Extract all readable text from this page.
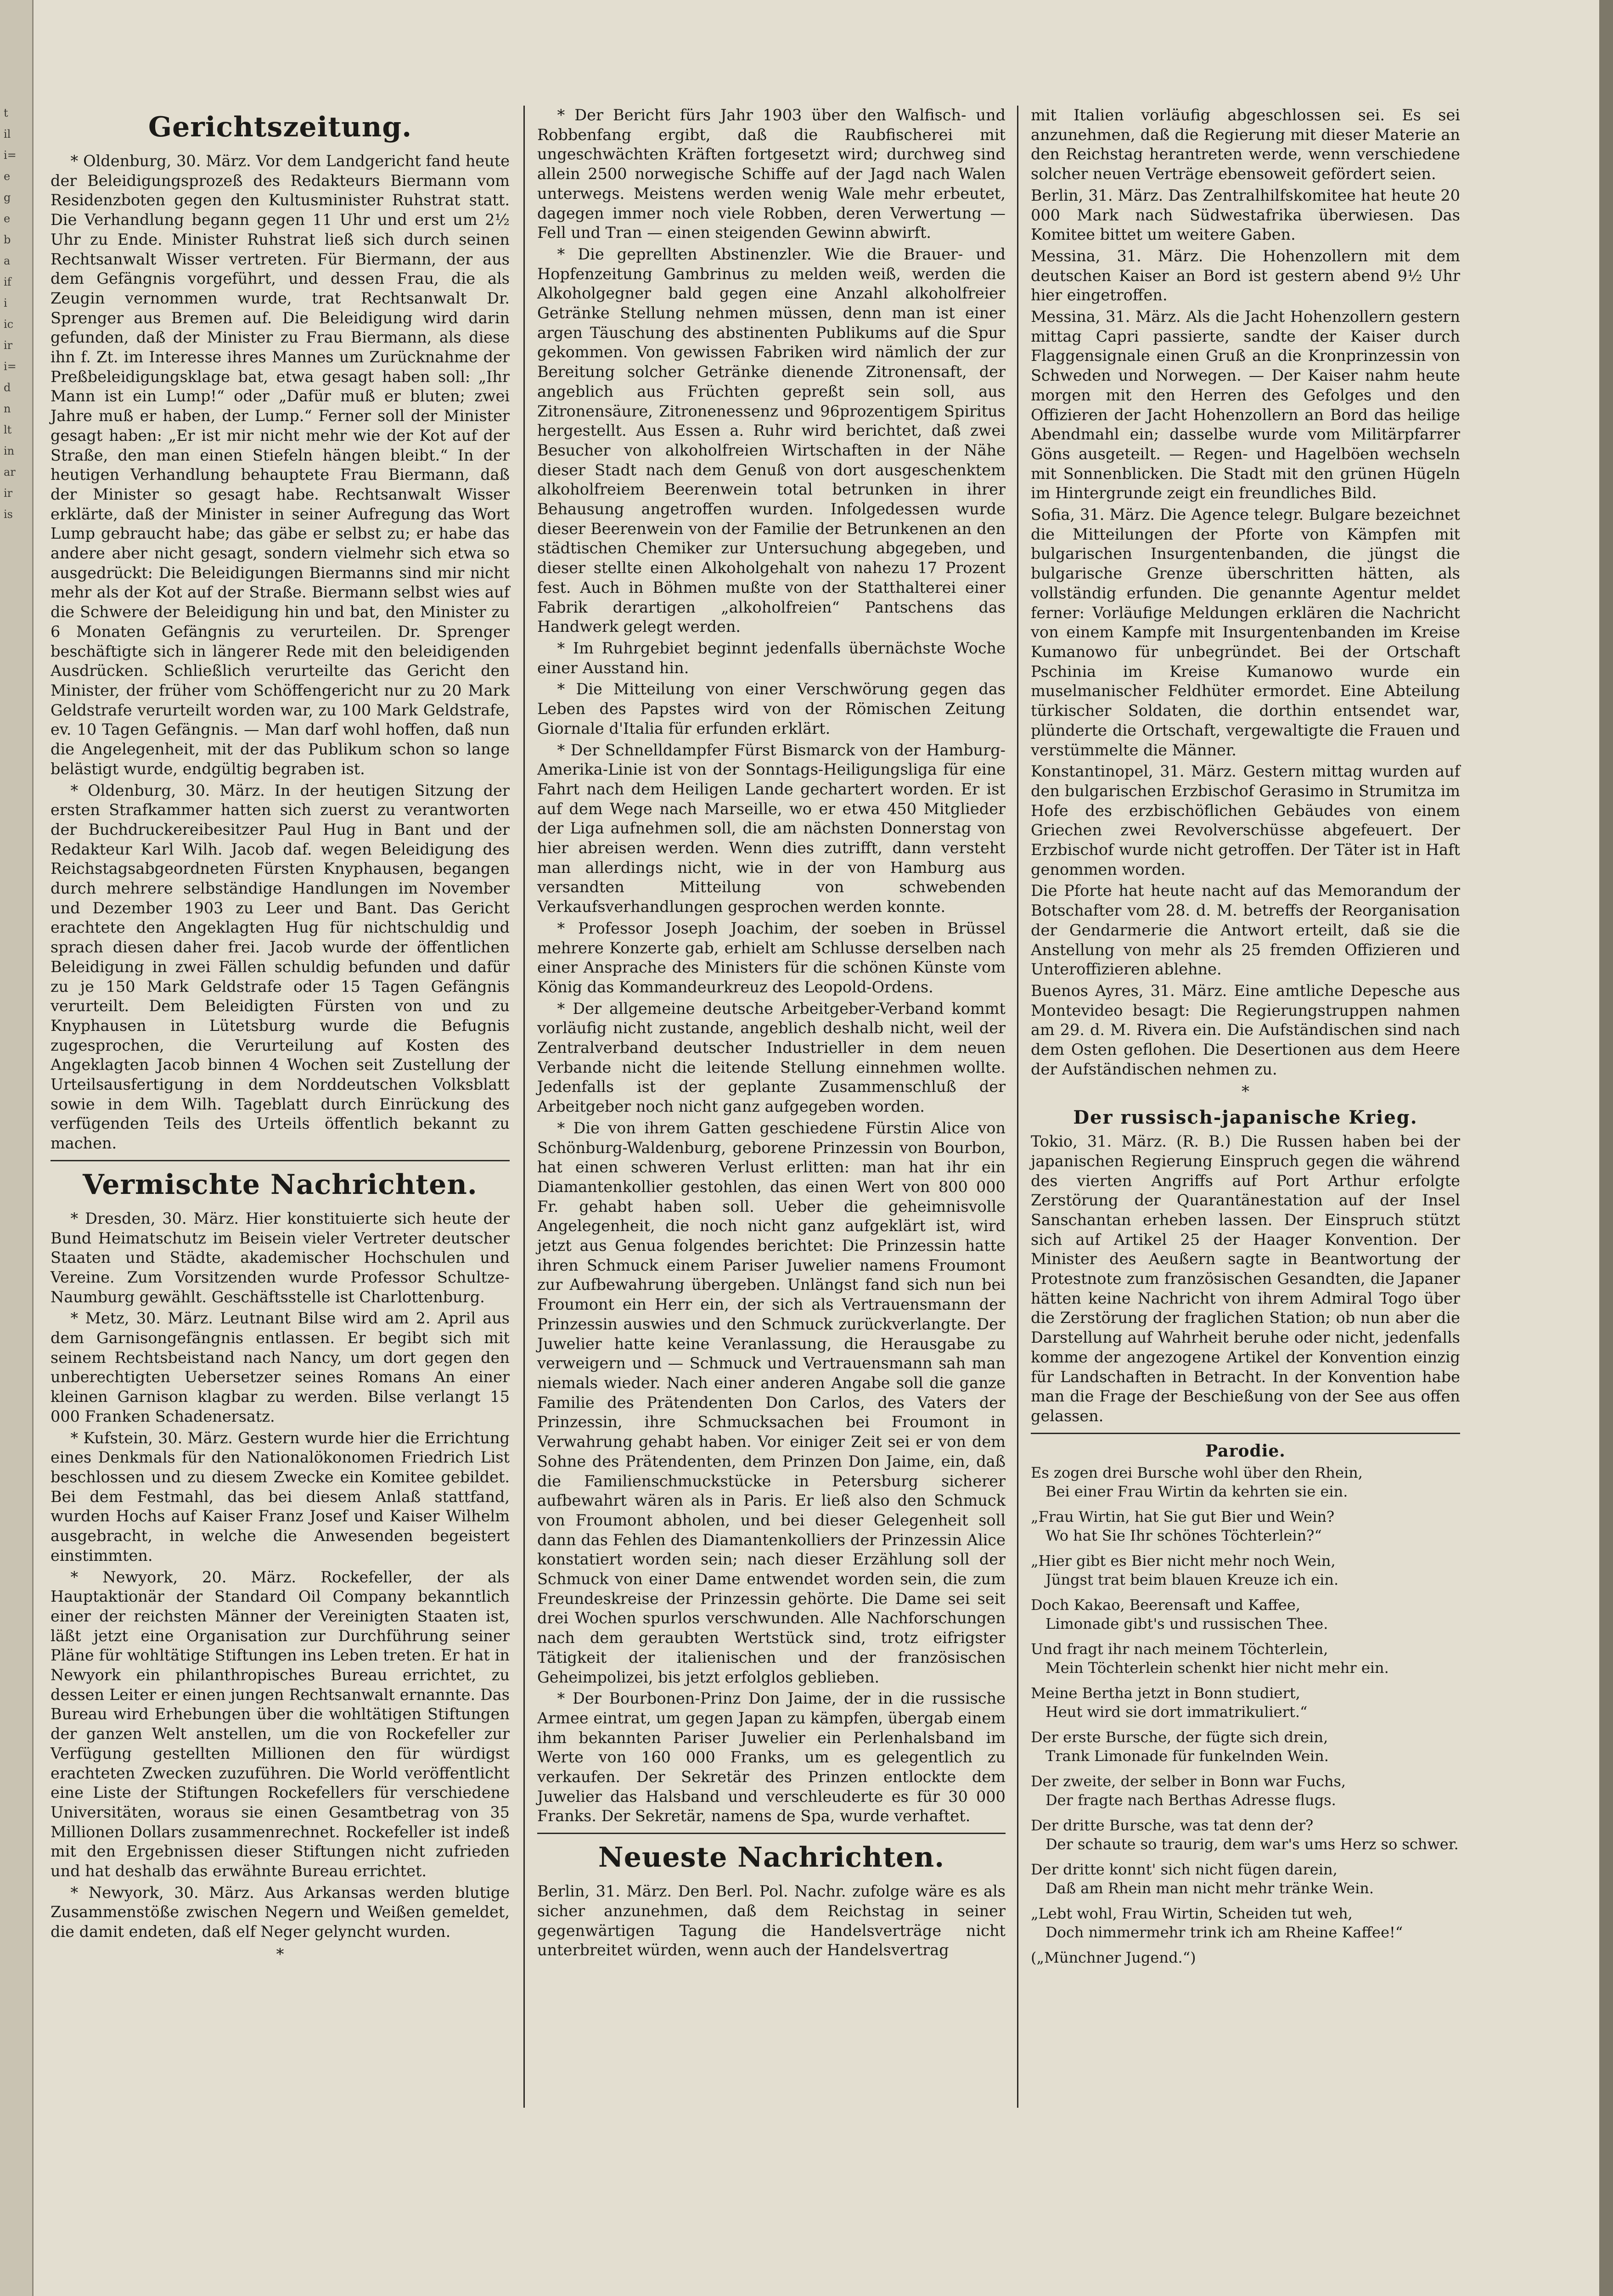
t
il
i=
e
g
e
b
a
if
i
ic
ir
i=
d
n
lt
in
ar
ir
is
Gerichtszeitung.

* Oldenburg, 30. März. Vor dem Landgericht fand heute der Beleidigungsprozeß des Redakteurs Biermann vom Residenzboten gegen den Kultusminister Ruhstrat statt. Die Verhandlung begann gegen 11 Uhr und erst um 2½ Uhr zu Ende. Minister Ruhstrat ließ sich durch seinen Rechtsanwalt Wisser vertreten. Für Biermann, der aus dem Gefängnis vorgeführt, und dessen Frau, die als Zeugin vernommen wurde, trat Rechtsanwalt Dr. Sprenger aus Bremen auf. Die Beleidigung wird darin gefunden, daß der Minister zu Frau Biermann, als diese ihn f. Zt. im Interesse ihres Mannes um Zurücknahme der Preßbeleidigungsklage bat, etwa gesagt haben soll: „Ihr Mann ist ein Lump!“ oder „Dafür muß er bluten; zwei Jahre muß er haben, der Lump.“ Ferner soll der Minister gesagt haben: „Er ist mir nicht mehr wie der Kot auf der Straße, den man einen Stiefeln hängen bleibt.“ In der heutigen Verhandlung behauptete Frau Biermann, daß der Minister so gesagt habe. Rechtsanwalt Wisser erklärte, daß der Minister in seiner Aufregung das Wort Lump gebraucht habe; das gäbe er selbst zu; er habe das andere aber nicht gesagt, sondern vielmehr sich etwa so ausgedrückt: Die Beleidigungen Biermanns sind mir nicht mehr als der Kot auf der Straße. Biermann selbst wies auf die Schwere der Beleidigung hin und bat, den Minister zu 6 Monaten Gefängnis zu verurteilen. Dr. Sprenger beschäftigte sich in längerer Rede mit den beleidigenden Ausdrücken. Schließlich verurteilte das Gericht den Minister, der früher vom Schöffengericht nur zu 20 Mark Geldstrafe verurteilt worden war, zu 100 Mark Geldstrafe, ev. 10 Tagen Gefängnis. — Man darf wohl hoffen, daß nun die Angelegenheit, mit der das Publikum schon so lange belästigt wurde, endgültig begraben ist.

* Oldenburg, 30. März. In der heutigen Sitzung der ersten Strafkammer hatten sich zuerst zu verantworten der Buchdruckereibesitzer Paul Hug in Bant und der Redakteur Karl Wilh. Jacob daf. wegen Beleidigung des Reichstagsabgeordneten Fürsten Knyphausen, begangen durch mehrere selbständige Handlungen im November und Dezember 1903 zu Leer und Bant. Das Gericht erachtete den Angeklagten Hug für nichtschuldig und sprach diesen daher frei. Jacob wurde der öffentlichen Beleidigung in zwei Fällen schuldig befunden und dafür zu je 150 Mark Geldstrafe oder 15 Tagen Gefängnis verurteilt. Dem Beleidigten Fürsten von und zu Knyphausen in Lütetsburg wurde die Befugnis zugesprochen, die Verurteilung auf Kosten des Angeklagten Jacob binnen 4 Wochen seit Zustellung der Urteilsausfertigung in dem Norddeutschen Volksblatt sowie in dem Wilh. Tageblatt durch Einrückung des verfügenden Teils des Urteils öffentlich bekannt zu machen.

Vermischte Nachrichten.

* Dresden, 30. März. Hier konstituierte sich heute der Bund Heimatschutz im Beisein vieler Vertreter deutscher Staaten und Städte, akademischer Hochschulen und Vereine. Zum Vorsitzenden wurde Professor Schultze-Naumburg gewählt. Geschäftsstelle ist Charlottenburg.

* Metz, 30. März. Leutnant Bilse wird am 2. April aus dem Garnisongefängnis entlassen. Er begibt sich mit seinem Rechtsbeistand nach Nancy, um dort gegen den unberechtigten Uebersetzer seines Romans An einer kleinen Garnison klagbar zu werden. Bilse verlangt 15 000 Franken Schadenersatz.

* Kufstein, 30. März. Gestern wurde hier die Errichtung eines Denkmals für den Nationalökonomen Friedrich List beschlossen und zu diesem Zwecke ein Komitee gebildet. Bei dem Festmahl, das bei diesem Anlaß stattfand, wurden Hochs auf Kaiser Franz Josef und Kaiser Wilhelm ausgebracht, in welche die Anwesenden begeistert einstimmten.

* Newyork, 20. März. Rockefeller, der als Hauptaktionär der Standard Oil Company bekanntlich einer der reichsten Männer der Vereinigten Staaten ist, läßt jetzt eine Organisation zur Durchführung seiner Pläne für wohltätige Stiftungen ins Leben treten. Er hat in Newyork ein philanthropisches Bureau errichtet, zu dessen Leiter er einen jungen Rechtsanwalt ernannte. Das Bureau wird Erhebungen über die wohltätigen Stiftungen der ganzen Welt anstellen, um die von Rockefeller zur Verfügung gestellten Millionen den für würdigst erachteten Zwecken zuzuführen. Die World veröffentlicht eine Liste der Stiftungen Rockefellers für verschiedene Universitäten, woraus sie einen Gesamtbetrag von 35 Millionen Dollars zusammenrechnet. Rockefeller ist indeß mit den Ergebnissen dieser Stiftungen nicht zufrieden und hat deshalb das erwähnte Bureau errichtet.

* Newyork, 30. März. Aus Arkansas werden blutige Zusammenstöße zwischen Negern und Weißen gemeldet, die damit endeten, daß elf Neger gelyncht wurden.

*

* Der Bericht fürs Jahr 1903 über den Walfisch- und Robbenfang ergibt, daß die Raubfischerei mit ungeschwächten Kräften fortgesetzt wird; durchweg sind allein 2500 norwegische Schiffe auf der Jagd nach Walen unterwegs. Meistens werden wenig Wale mehr erbeutet, dagegen immer noch viele Robben, deren Verwertung — Fell und Tran — einen steigenden Gewinn abwirft.

* Die geprellten Abstinenzler. Wie die Brauer- und Hopfenzeitung Gambrinus zu melden weiß, werden die Alkoholgegner bald gegen eine Anzahl alkoholfreier Getränke Stellung nehmen müssen, denn man ist einer argen Täuschung des abstinenten Publikums auf die Spur gekommen. Von gewissen Fabriken wird nämlich der zur Bereitung solcher Getränke dienende Zitronensaft, der angeblich aus Früchten gepreßt sein soll, aus Zitronensäure, Zitronenessenz und 96prozentigem Spiritus hergestellt. Aus Essen a. Ruhr wird berichtet, daß zwei Besucher von alkoholfreien Wirtschaften in der Nähe dieser Stadt nach dem Genuß von dort ausgeschenktem alkoholfreiem Beerenwein total betrunken in ihrer Behausung angetroffen wurden. Infolgedessen wurde dieser Beerenwein von der Familie der Betrunkenen an den städtischen Chemiker zur Untersuchung abgegeben, und dieser stellte einen Alkoholgehalt von nahezu 17 Prozent fest. Auch in Böhmen mußte von der Statthalterei einer Fabrik derartigen „alkoholfreien“ Pantschens das Handwerk gelegt werden.

* Im Ruhrgebiet beginnt jedenfalls übernächste Woche einer Ausstand hin.

* Die Mitteilung von einer Verschwörung gegen das Leben des Papstes wird von der Römischen Zeitung Giornale d'Italia für erfunden erklärt.

* Der Schnelldampfer Fürst Bismarck von der Hamburg-Amerika-Linie ist von der Sonntags-Heiligungsliga für eine Fahrt nach dem Heiligen Lande gechartert worden. Er ist auf dem Wege nach Marseille, wo er etwa 450 Mitglieder der Liga aufnehmen soll, die am nächsten Donnerstag von hier abreisen werden. Wenn dies zutrifft, dann versteht man allerdings nicht, wie in der von Hamburg aus versandten Mitteilung von schwebenden Verkaufsverhandlungen gesprochen werden konnte.

* Professor Joseph Joachim, der soeben in Brüssel mehrere Konzerte gab, erhielt am Schlusse derselben nach einer Ansprache des Ministers für die schönen Künste vom König das Kommandeurkreuz des Leopold-Ordens.

* Der allgemeine deutsche Arbeitgeber-Verband kommt vorläufig nicht zustande, angeblich deshalb nicht, weil der Zentralverband deutscher Industrieller in dem neuen Verbande nicht die leitende Stellung einnehmen wollte. Jedenfalls ist der geplante Zusammenschluß der Arbeitgeber noch nicht ganz aufgegeben worden.

* Die von ihrem Gatten geschiedene Fürstin Alice von Schönburg-Waldenburg, geborene Prinzessin von Bourbon, hat einen schweren Verlust erlitten: man hat ihr ein Diamantenkollier gestohlen, das einen Wert von 800 000 Fr. gehabt haben soll. Ueber die geheimnisvolle Angelegenheit, die noch nicht ganz aufgeklärt ist, wird jetzt aus Genua folgendes berichtet: Die Prinzessin hatte ihren Schmuck einem Pariser Juwelier namens Froumont zur Aufbewahrung übergeben. Unlängst fand sich nun bei Froumont ein Herr ein, der sich als Vertrauensmann der Prinzessin auswies und den Schmuck zurückverlangte. Der Juwelier hatte keine Veranlassung, die Herausgabe zu verweigern und — Schmuck und Vertrauensmann sah man niemals wieder. Nach einer anderen Angabe soll die ganze Familie des Prätendenten Don Carlos, des Vaters der Prinzessin, ihre Schmucksachen bei Froumont in Verwahrung gehabt haben. Vor einiger Zeit sei er von dem Sohne des Prätendenten, dem Prinzen Don Jaime, ein, daß die Familienschmuckstücke in Petersburg sicherer aufbewahrt wären als in Paris. Er ließ also den Schmuck von Froumont abholen, und bei dieser Gelegenheit soll dann das Fehlen des Diamantenkolliers der Prinzessin Alice konstatiert worden sein; nach dieser Erzählung soll der Schmuck von einer Dame entwendet worden sein, die zum Freundeskreise der Prinzessin gehörte. Die Dame sei seit drei Wochen spurlos verschwunden. Alle Nachforschungen nach dem geraubten Wertstück sind, trotz eifrigster Tätigkeit der italienischen und der französischen Geheimpolizei, bis jetzt erfolglos geblieben.

* Der Bourbonen-Prinz Don Jaime, der in die russische Armee eintrat, um gegen Japan zu kämpfen, übergab einem ihm bekannten Pariser Juwelier ein Perlenhalsband im Werte von 160 000 Franks, um es gelegentlich zu verkaufen. Der Sekretär des Prinzen entlockte dem Juwelier das Halsband und verschleuderte es für 30 000 Franks. Der Sekretär, namens de Spa, wurde verhaftet.

Neueste Nachrichten.

Berlin, 31. März. Den Berl. Pol. Nachr. zufolge wäre es als sicher anzunehmen, daß dem Reichstag in seiner gegenwärtigen Tagung die Handelsverträge nicht unterbreitet würden, wenn auch der Handelsvertrag

mit Italien vorläufig abgeschlossen sei. Es sei anzunehmen, daß die Regierung mit dieser Materie an den Reichstag herantreten werde, wenn verschiedene solcher neuen Verträge ebensoweit gefördert seien.

Berlin, 31. März. Das Zentralhilfskomitee hat heute 20 000 Mark nach Südwestafrika überwiesen. Das Komitee bittet um weitere Gaben.

Messina, 31. März. Die Hohenzollern mit dem deutschen Kaiser an Bord ist gestern abend 9½ Uhr hier eingetroffen.

Messina, 31. März. Als die Jacht Hohenzollern gestern mittag Capri passierte, sandte der Kaiser durch Flaggensignale einen Gruß an die Kronprinzessin von Schweden und Norwegen. — Der Kaiser nahm heute morgen mit den Herren des Gefolges und den Offizieren der Jacht Hohenzollern an Bord das heilige Abendmahl ein; dasselbe wurde vom Militärpfarrer Göns ausgeteilt. — Regen- und Hagelböen wechseln mit Sonnenblicken. Die Stadt mit den grünen Hügeln im Hintergrunde zeigt ein freundliches Bild.

Sofia, 31. März. Die Agence telegr. Bulgare bezeichnet die Mitteilungen der Pforte von Kämpfen mit bulgarischen Insurgentenbanden, die jüngst die bulgarische Grenze überschritten hätten, als vollständig erfunden. Die genannte Agentur meldet ferner: Vorläufige Meldungen erklären die Nachricht von einem Kampfe mit Insurgentenbanden im Kreise Kumanowo für unbegründet. Bei der Ortschaft Pschinia im Kreise Kumanowo wurde ein muselmanischer Feldhüter ermordet. Eine Abteilung türkischer Soldaten, die dorthin entsendet war, plünderte die Ortschaft, vergewaltigte die Frauen und verstümmelte die Männer.

Konstantinopel, 31. März. Gestern mittag wurden auf den bulgarischen Erzbischof Gerasimo in Strumitza im Hofe des erzbischöflichen Gebäudes von einem Griechen zwei Revolverschüsse abgefeuert. Der Erzbischof wurde nicht getroffen. Der Täter ist in Haft genommen worden.

Die Pforte hat heute nacht auf das Memorandum der Botschafter vom 28. d. M. betreffs der Reorganisation der Gendarmerie die Antwort erteilt, daß sie die Anstellung von mehr als 25 fremden Offizieren und Unteroffizieren ablehne.

Buenos Ayres, 31. März. Eine amtliche Depesche aus Montevideo besagt: Die Regierungstruppen nahmen am 29. d. M. Rivera ein. Die Aufständischen sind nach dem Osten geflohen. Die Desertionen aus dem Heere der Aufständischen nehmen zu.

*
Der russisch-japanische Krieg.

Tokio, 31. März. (R. B.) Die Russen haben bei der japanischen Regierung Einspruch gegen die während des vierten Angriffs auf Port Arthur erfolgte Zerstörung der Quarantänestation auf der Insel Sanschantan erheben lassen. Der Einspruch stützt sich auf Artikel 25 der Haager Konvention. Der Minister des Aeußern sagte in Beantwortung der Protestnote zum französischen Gesandten, die Japaner hätten keine Nachricht von ihrem Admiral Togo über die Zerstörung der fraglichen Station; ob nun aber die Darstellung auf Wahrheit beruhe oder nicht, jedenfalls komme der angezogene Artikel der Konvention einzig für Landschaften in Betracht. In der Konvention habe man die Frage der Beschießung von der See aus offen gelassen.

Parodie.
Es zogen drei Bursche wohl über den Rhein,
Bei einer Frau Wirtin da kehrten sie ein.
„Frau Wirtin, hat Sie gut Bier und Wein?
Wo hat Sie Ihr schönes Töchterlein?“
„Hier gibt es Bier nicht mehr noch Wein,
Jüngst trat beim blauen Kreuze ich ein.
Doch Kakao, Beerensaft und Kaffee,
Limonade gibt's und russischen Thee.
Und fragt ihr nach meinem Töchterlein,
Mein Töchterlein schenkt hier nicht mehr ein.
Meine Bertha jetzt in Bonn studiert,
Heut wird sie dort immatrikuliert.“
Der erste Bursche, der fügte sich drein,
Trank Limonade für funkelnden Wein.
Der zweite, der selber in Bonn war Fuchs,
Der fragte nach Berthas Adresse flugs.
Der dritte Bursche, was tat denn der?
Der schaute so traurig, dem war's ums Herz so schwer.
Der dritte konnt' sich nicht fügen darein,
Daß am Rhein man nicht mehr tränke Wein.
„Lebt wohl, Frau Wirtin, Scheiden tut weh,
Doch nimmermehr trink ich am Rheine Kaffee!“
(„Münchner Jugend.“)
